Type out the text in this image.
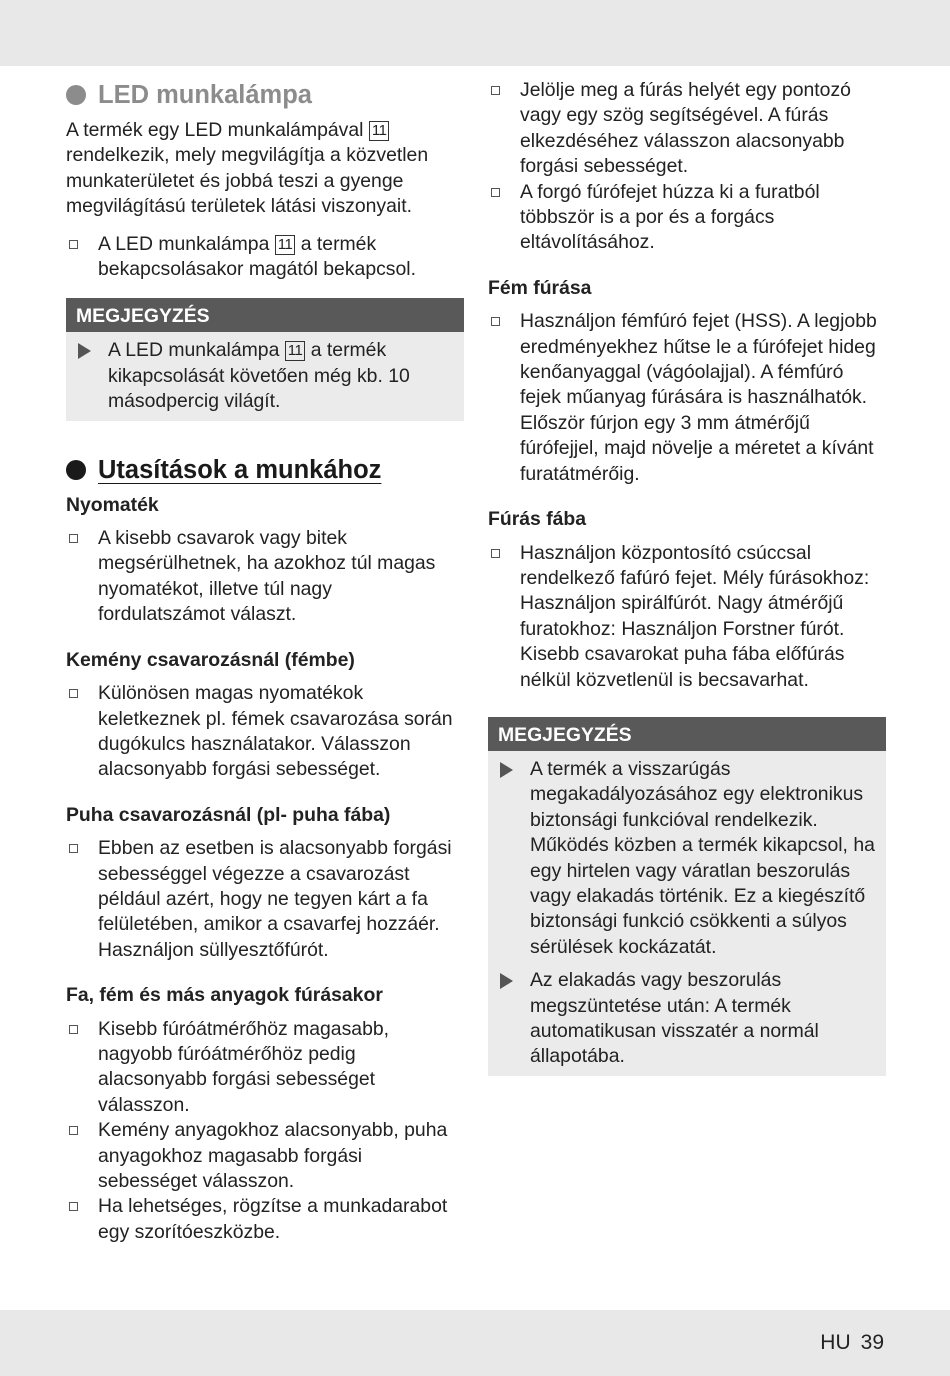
LED munkalámpa

A termék egy LED munkalámpával 11 rendelkezik, mely megvilágítja a közvetlen munkaterületet és jobbá teszi a gyenge megvilágítású területek látási viszonyait.

A LED munkalámpa 11 a termék bekapcsolásakor magától bekapcsol.
MEGJEGYZÉS
A LED munkalámpa 11 a termék kikapcsolását követően még kb. 10 másodpercig világít.
Utasítások a munkához

Nyomaték

A kisebb csavarok vagy bitek megsérülhetnek, ha azokhoz túl magas nyomatékot, illetve túl nagy fordulatszámot választ.

Kemény csavarozásnál (fémbe)

Különösen magas nyomatékok keletkeznek pl. fémek csavarozása során dugókulcs használatakor. Válasszon alacsonyabb forgási sebességet.

Puha csavarozásnál (pl- puha fába)

Ebben az esetben is alacsonyabb forgási sebességgel végezze a csavarozást például azért, hogy ne tegyen kárt a fa felületében, amikor a csavarfej hozzáér. Használjon süllyesztőfúrót.

Fa, fém és más anyagok fúrásakor

Kisebb fúróátmérőhöz magasabb, nagyobb fúróátmérőhöz pedig alacsonyabb forgási sebességet válasszon.
Kemény anyagokhoz alacsonyabb, puha anyagokhoz magasabb forgási sebességet válasszon.
Ha lehetséges, rögzítse a munkadarabot egy szorítóeszközbe.
Jelölje meg a fúrás helyét egy pontozó vagy egy szög segítségével. A fúrás elkezdéséhez válasszon alacsonyabb forgási sebességet.
A forgó fúrófejet húzza ki a furatból többször is a por és a forgács eltávolításához.

Fém fúrása

Használjon fémfúró fejet (HSS). A legjobb eredményekhez hűtse le a fúrófejet hideg kenőanyaggal (vágóolajjal). A fémfúró fejek műanyag fúrására is használhatók. Először fúrjon egy 3 mm átmérőjű fúrófejjel, majd növelje a méretet a kívánt furatátmérőig.

Fúrás fába

Használjon központosító csúccsal rendelkező fafúró fejet. Mély fúrásokhoz: Használjon spirálfúrót. Nagy átmérőjű furatokhoz: Használjon Forstner fúrót. Kisebb csavarokat puha fába előfúrás nélkül közvetlenül is becsavarhat.
MEGJEGYZÉS
A termék a visszarúgás megakadályozásához egy elektronikus biztonsági funkcióval rendelkezik. Működés közben a termék kikapcsol, ha egy hirtelen vagy váratlan beszorulás vagy elakadás történik. Ez a kiegészítő biztonsági funkció csökkenti a súlyos sérülések kockázatát.
Az elakadás vagy beszorulás megszüntetése után: A termék automatikusan visszatér a normál állapotába.
HU 39
